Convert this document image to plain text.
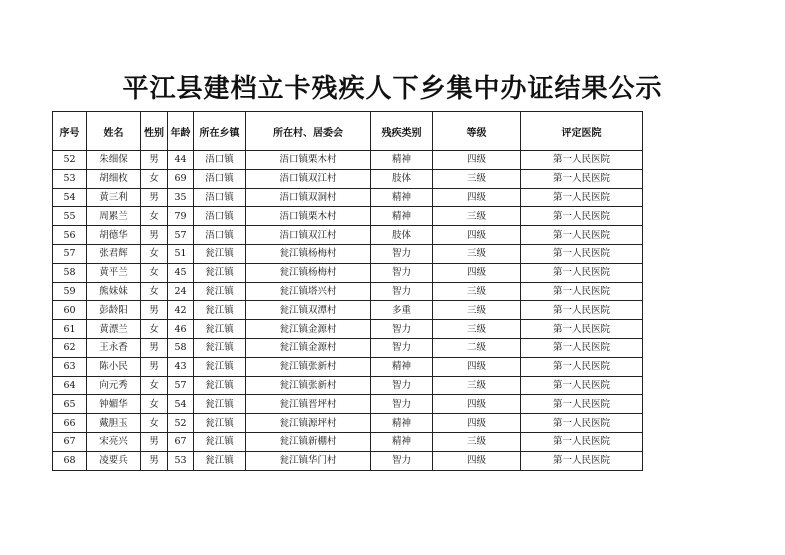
平江县建档立卡残疾人下乡集中办证结果公示
序号	姓名	性别	年龄	所在乡镇	所在村、居委会	残疾类别	等级	评定医院
52	朱细保	男	44	浯口镇	浯口镇栗木村	精神	四级	第一人民医院
53	胡细枚	女	69	浯口镇	浯口镇双江村	肢体	三级	第一人民医院
54	黄三利	男	35	浯口镇	浯口镇双洞村	精神	四级	第一人民医院
55	周累兰	女	79	浯口镇	浯口镇栗木村	精神	三级	第一人民医院
56	胡德华	男	57	浯口镇	浯口镇双江村	肢体	四级	第一人民医院
57	张君辉	女	51	瓮江镇	瓮江镇杨梅村	智力	三级	第一人民医院
58	黄平兰	女	45	瓮江镇	瓮江镇杨梅村	智力	四级	第一人民医院
59	熊妹妹	女	24	瓮江镇	瓮江镇塔兴村	智力	三级	第一人民医院
60	彭龄阳	男	42	瓮江镇	瓮江镇双潭村	多重	三级	第一人民医院
61	黄漂兰	女	46	瓮江镇	瓮江镇金源村	智力	三级	第一人民医院
62	王永香	男	58	瓮江镇	瓮江镇金源村	智力	二级	第一人民医院
63	陈小民	男	43	瓮江镇	瓮江镇张新村	精神	四级	第一人民医院
64	向元秀	女	57	瓮江镇	瓮江镇张新村	智力	三级	第一人民医院
65	钟媚华	女	54	瓮江镇	瓮江镇晋坪村	智力	四级	第一人民医院
66	戴胆玉	女	52	瓮江镇	瓮江镇源坪村	精神	四级	第一人民医院
67	宋亮兴	男	67	瓮江镇	瓮江镇新棚村	精神	三级	第一人民医院
68	凌要兵	男	53	瓮江镇	瓮江镇华门村	智力	四级	第一人民医院
